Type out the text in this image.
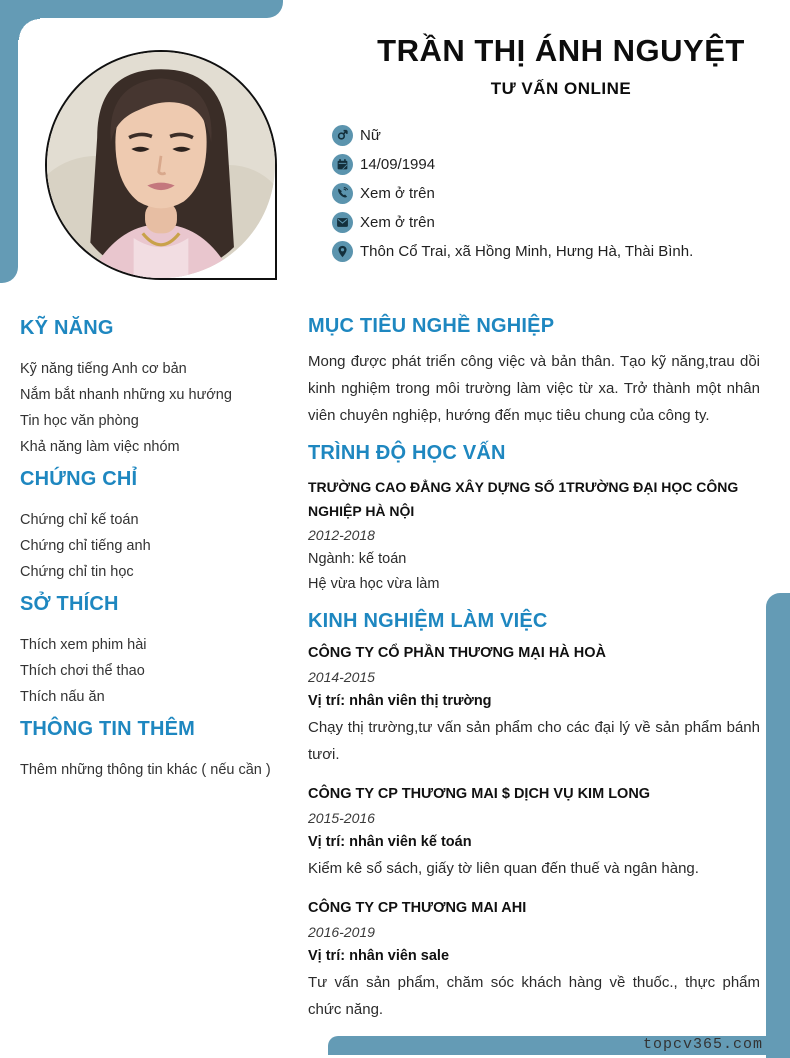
TRẦN THỊ ÁNH NGUYỆT
TƯ VẤN ONLINE
Nữ
14/09/1994
Xem ở trên
Xem ở trên
Thôn Cổ Trai, xã Hồng Minh, Hưng Hà, Thài Bình.
KỸ NĂNG
Kỹ năng tiếng Anh cơ bản
Nắm bắt nhanh những xu hướng
Tin học văn phòng
Khả năng làm việc nhóm
CHỨNG CHỈ
Chứng chỉ kế toán
Chứng chỉ tiếng anh
Chứng chỉ tin học
SỞ THÍCH
Thích xem phim hài
Thích chơi thể thao
Thích nấu ăn
THÔNG TIN THÊM
Thêm những thông tin khác ( nếu cần )
MỤC TIÊU NGHỀ NGHIỆP

Mong được phát triển công việc và bản thân. Tạo kỹ năng,trau dồi kinh nghiệm trong môi trường làm việc từ xa. Trở thành một nhân viên chuyên nghiệp, hướng đến mục tiêu chung của công ty.

TRÌNH ĐỘ HỌC VẤN
TRƯỜNG CAO ĐẲNG XÂY DỰNG SỐ 1TRƯỜNG ĐẠI HỌC CÔNG NGHIỆP HÀ NỘI
2012-2018
Ngành: kế toán
Hệ vừa học vừa làm
KINH NGHIỆM LÀM VIỆC
CÔNG TY CỔ PHẦN THƯƠNG MẠI HÀ HOÀ
2014-2015
Vị trí: nhân viên thị trường
Chạy thị trường,tư vấn sản phẩm cho các đại lý về sản phẩm bánh tươi.
CÔNG TY CP THƯƠNG MAI $ DỊCH VỤ KIM LONG
2015-2016
Vị trí: nhân viên kế toán
Kiểm kê sổ sách, giấy tờ liên quan đến thuế và ngân hàng.
CÔNG TY CP THƯƠNG MAI AHI
2016-2019
Vị trí: nhân viên sale
Tư vấn sản phẩm, chăm sóc khách hàng về thuốc., thực phẩm chức năng.
topcv365.com
